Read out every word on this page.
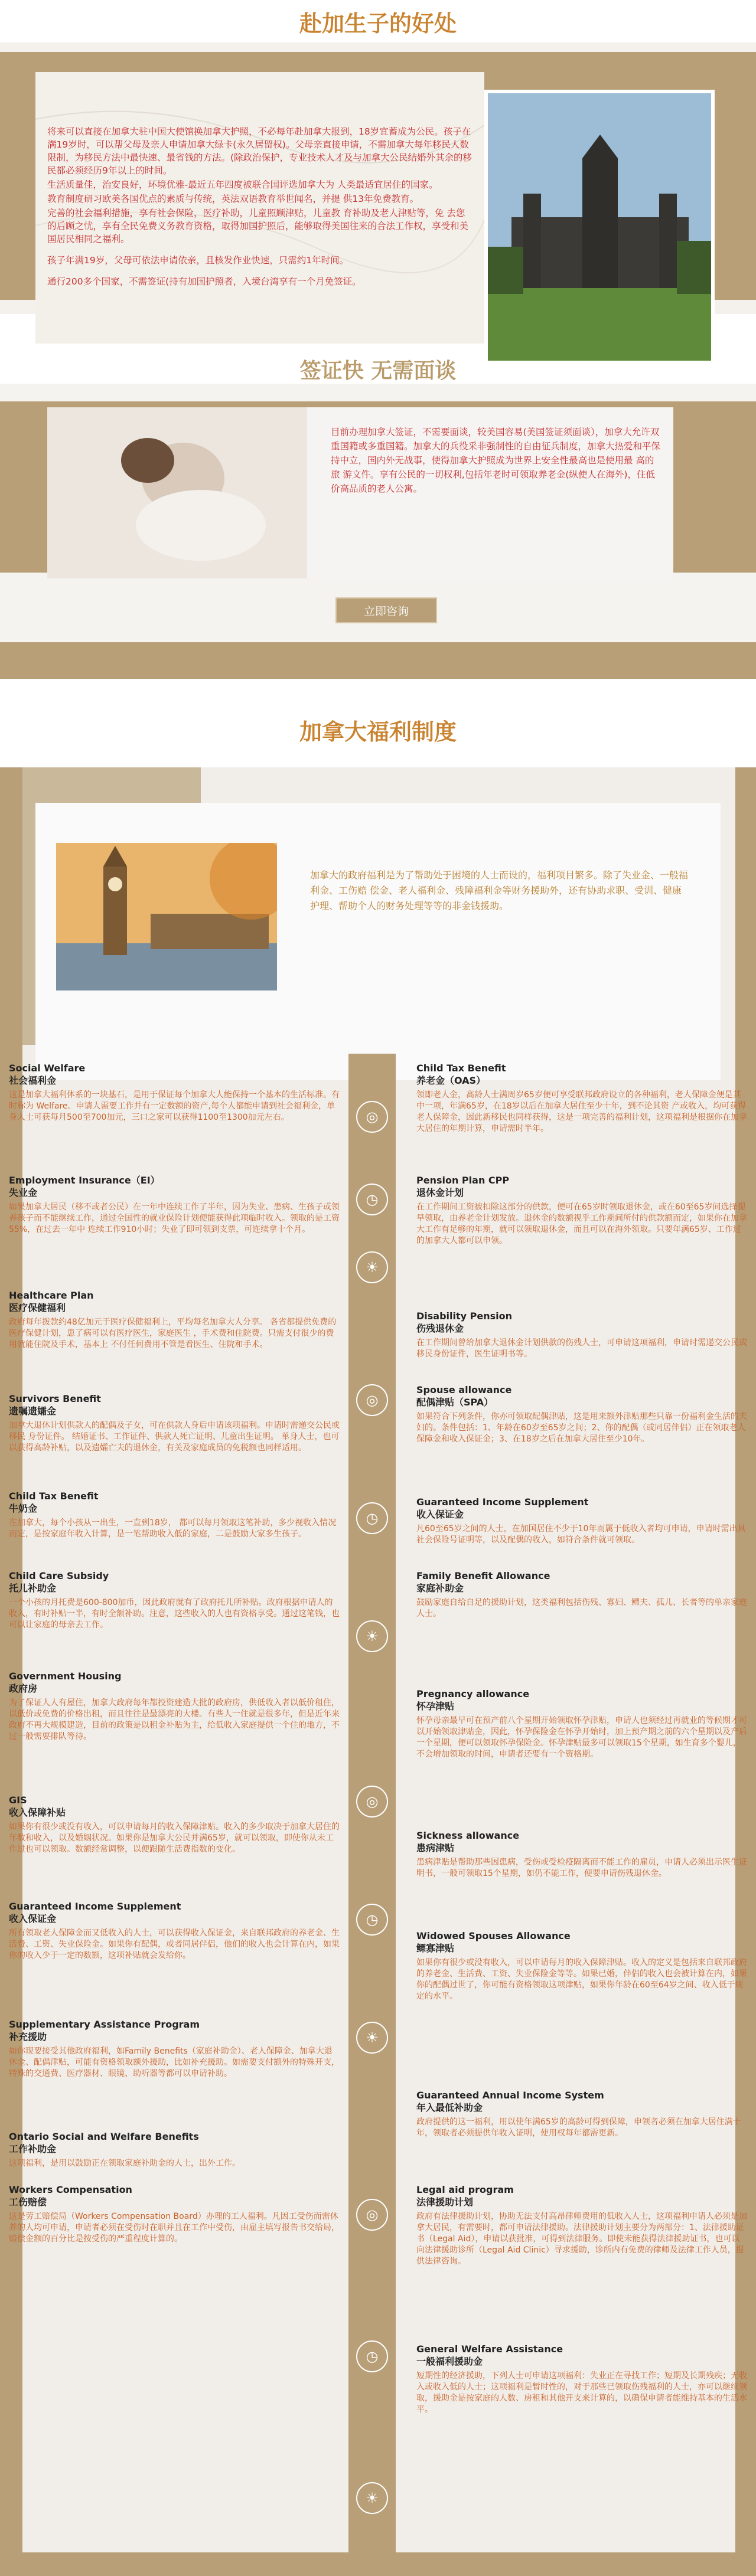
赴加生子的好处

将来可以直接在加拿大驻中国大使馆换加拿大护照，不必每年赴加拿大报到，18岁宜蓄成为公民。孩子在满19岁时，可以帮父母及亲人申请加拿大绿卡(永久居留权)。父母亲直接申请，不需加拿大每年移民人数限制，为移民方法中最快速、最省钱的方法。(除政治保护，专业技术人才及与加拿大公民结婚外其余的移民都必须经历9年以上的时间。

生活质量佳，治安良好，环境优雅-最近五年四度被联合国评选加拿大为 人类最适宜居住的国家。

教育制度研习欧美各国优点的素质与传统，英法双语教育举世闻名，并提 供13年免费教育。

完善的社会福利措施，享有社会保险，医疗补助，儿童照顾津贴，儿童教 育补助及老人津贴等，免 去您的后顾之忧，享有全民免费义务教育资格，取得加国护照后，能够取得美国往来的合法工作权，享受和美国居民相同之福利。

孩子年满19岁，父母可依法申请依亲，且核发作业快速，只需约1年时间。

通行200多个国家，不需签证(持有加国护照者，入境台湾享有一个月免签证。

签证快 无需面谈
目前办理加拿大签证，不需要面谈，较美国容易(美国签证须面谈），加拿大允许双重国籍或多重国籍。加拿大的兵役采非强制性的自由征兵制度，加拿大热爱和平保持中立，国内外无战事，使得加拿大护照成为世界上安全性最高也是使用最 高的旅 游文件。享有公民的一切权利,包括年老时可领取养老金(纵使人在海外)，住低价高品质的老人公寓。
立即咨询
加拿大福利制度
加拿大的政府福利是为了帮助处于困境的人士而设的，福利项目繁多。除了失业金、一般福利金、工伤赔 偿金、老人福利金、残障福利金等财务援助外，还有协助求职、受训、健康护理、帮助个人的财务处理等等的非金钱援助。
◎
◷
☀
◎
◷
☀
◎
◷
☀
◎
◷
☀
Social Welfare
社会福利金
这是加拿大福利体系的一块基石，是用于保证每个加拿大人能保持一个基本的生活标准。有时称为 Welfare。申请人需要工作并有一定数额的资产,每个人都能申请到社会福利金，单身人士可获每月500至700加元，三口之家可以获得1100至1300加元左右。
Employment Insurance（EI）
失业金
如果加拿大居民（移不或者公民）在一年中连续工作了半年，因为失业、患病、生孩子或领养孩子而不能继续工作，通过全国性的就业保险计划便能获得此项临时收入。领取的是工资55%，在过去一年中 连续工作910小时；失业了即可领到支票，可连续拿十个月。
Healthcare Plan
医疗保健福利
政府每年拨款约48亿加元于医疗保健福利上，平均每名加拿大人分享。 各省都提供免费的医疗保健计划，患了病可以有医疗医生，家庭医生 ，手术费和住院费。只需支付很少的费用就能住院及手术，基本上 不付任何费用不管是看医生、住院和手术。
Survivors Benefit
遗嘱遗孀金
加拿大退休计划供款人的配偶及子女，可在供款人身后申请该项福利。申请时需递交公民或移民 身份证件。 结婚证书、工作证件、供款人死亡证明、儿童出生证明。 单身人士，也可以获得高龄补贴，以及遗孀亡夫的退休金，有关及家庭成员的免税额也同样适用。
Child Tax Benefit
牛奶金
在加拿大，每个小孩从一出生，一直到18岁， 都可以每月领取这笔补助，多少视收入情况而定，是按家庭年收入计算，是一笔帮助收入低的家庭，二是鼓励大家多生孩子。
Child Care Subsidy
托儿补助金
一个小孩的月托费是600-800加币，因此政府就有了政府托儿所补贴。政府根据申请人的收入，有时补贴一半，有时全额补助。注意，这些收入的人也有资格享受。通过这笔钱，也可以让家庭的母亲去工作。
Government Housing
政府房
为了保证人人有屋住，加拿大政府每年都投资建造大批的政府房，供低收入者以低价租住，以低价或免费的价格出租，而且往往是最漂亮的大楼。有些人一住就是很多年，但是近年来政府不再大规模建造，目前的政策是以租金补贴为主，给低收入家庭提供一个住的地方，不过一般需要排队等待。
GIS
收入保障补贴
如果你有很少或没有收入，可以申请每月的收入保障津贴。收入的多少取决于加拿大居住的年数和收入，以及婚姻状况。如果你是加拿大公民并满65岁，就可以领取，即使你从未工作过也可以领取。数额经常调整，以便跟随生活费指数的变化。
Guaranteed Income Supplement
收入保证金
所有领取老人保障金而又低收入的人士，可以获得收入保证金，来自联邦政府的养老金、生活费、工资、失业保险金。如果你有配偶，或者同居伴侣，他们的收入也会计算在内，如果你的收入少于一定的数额，这项补贴就会发给你。
Supplementary Assistance Program
补充援助
如你现要接受其他政府福利，如Family Benefits（家庭补助金）、老人保障金、加拿大退休金、配偶津贴，可能有资格领取额外援助，比如补充援助。如需要支付额外的特殊开支，特殊的交通费、医疗器材、眼镜、助听器等都可以申请补助。
Ontario Social and Welfare Benefits
工作补助金
这项福利，是用以鼓励正在领取家庭补助金的人士，出外工作。
Workers Compensation
工伤赔偿
这是劳工赔偿局（Workers Compensation Board）办理的工人福利。凡因工受伤而需休养的人均可申请，申请者必须在受伤时在职并且在工作中受伤，由雇主填写报告书交给局，赔偿金额的百分比是按受伤的严重程度计算的。
Child Tax Benefit
养老金（OAS）
领即老人金，高龄人士满周岁65岁便可享受联邦政府设立的各种福利，老人保障金便是其中一项，年满65岁，在18岁以后在加拿大居住至少十年，到不论其资 产或收入，均可获得老人保障金，因此新移民也同样获得，这是一项完善的福利计划，这项福利是根据你在加拿大居住的年期计算，申请需时半年。
Pension Plan CPP
退休金计划
在工作期间工资被扣除这部分的供款，便可在65岁时领取退休金，或在60至65岁间选择提早领取，由养老金计划发放。退休金的数额视乎工作期间所付的供款额而定，如果你在加拿大工作有足够的年期，就可以领取退休金，而且可以在海外领取。只要年满65岁、工作过的加拿大人都可以申领。
Disability Pension
伤残退休金
在工作期间曾给加拿大退休金计划供款的伤残人士，可申请这项福利，申请时需递交公民或移民身份证件，医生证明书等。
Spouse allowance
配偶津贴（SPA）
如果符合下列条件，你亦可领取配偶津贴，这是用来额外津贴那些只靠一份福利金生活的夫妇的。条件包括：1、年龄在60岁至65岁之间；2、你的配偶（或同居伴侣）正在领取老人保障金和收入保证金；3、在18岁之后在加拿大居住至少10年。
Guaranteed Income Supplement
收入保证金
凡60至65岁之间的人士，在加国居住不少于10年而属于低收入者均可申请，申请时需出具社会保险号证明等，以及配偶的收入，如符合条件就可领取。
Family Benefit Allowance
家庭补助金
鼓励家庭自给自足的援助计划，这类福利包括伤残、寡妇、鳏夫、孤儿、长者等的单亲家庭人士。
Pregnancy allowance
怀孕津贴
怀孕母亲最早可在预产前八个星期开始领取怀孕津贴，申请人也须经过再就业的等候期才可以开始领取津贴金，因此，怀孕保险金在怀孕开始时，加上预产期之前的六个星期以及产后一个星期，便可以领取怀孕保险金。怀孕津贴最多可以领取15个星期，如生育多个婴儿，不会增加领取的时间，申请者还要有一个资格期。
Sickness allowance
患病津贴
患病津贴是帮助那些因患病，受伤或受检疫隔离而不能工作的雇员，申请人必须出示医生证明书，一般可领取15个星期，如仍不能工作，便要申请伤残退休金。
Widowed Spouses Allowance
鳏寡津贴
如果你有很少或没有收入，可以申请每月的收入保障津贴。收入的定义是包括来自联邦政府的养老金、生活费、工资、失业保险金等等。如果已婚，伴侣的收入也会被计算在内，如果你的配偶过世了，你可能有资格领取这项津贴，如果你年龄在60至64岁之间、收入低于规定的水平。
Guaranteed Annual Income System
年入最低补助金
政府提供的这一福利，用以使年满65岁的高龄可得到保障，申领者必须在加拿大居住满十年，领取者必须提供年收入证明，使用权每年都需更新。
Legal aid program
法律援助计划
政府有法律援助计划，协助无法支付高昂律师费用的低收入人士，这项福利申请人必须是加拿大居民，有需要时，都可申请法律援助。法律援助计划主要分为两部分：1、法律援助证书（Legal Aid），申请以获批准，可得到法律服务。即使未能获得法律援助证书，也可以向法律援助诊所（Legal Aid Clinic）寻求援助，诊所内有免费的律师及法律工作人员，提供法律咨询。
General Welfare Assistance
一般福利援助金
短期性的经济援助，下列人士可申请这项福利：失业正在寻找工作；短期及长期残疾；无收入或收入低的人士；这项福利是暂时性的，对于那些已领取伤残福利的人士，亦可以继续领取，援助金是按家庭的人数、房租和其他开支来计算的，以确保申请者能维持基本的生活水平。
